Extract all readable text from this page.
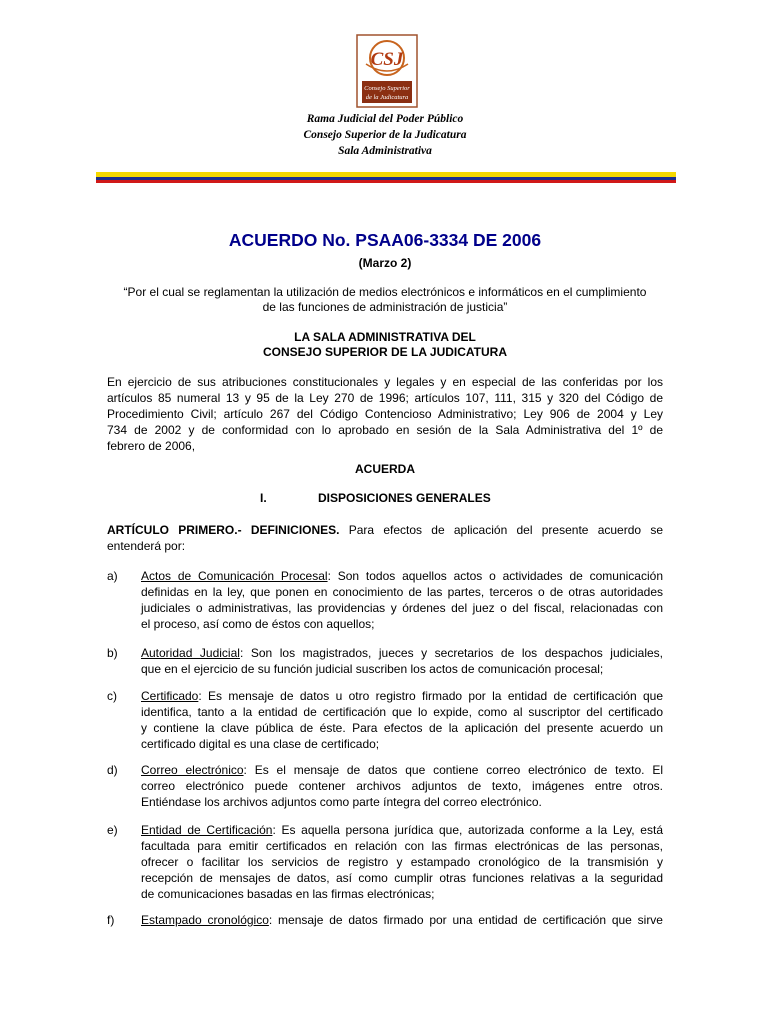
CSJ
Consejo Superior
de la Judicatura
Rama Judicial del Poder Público
Consejo Superior de la Judicatura
Sala Administrativa
ACUERDO No. PSAA06-3334 DE 2006
(Marzo 2)
“Por el cual se reglamentan la utilización de medios electrónicos e informáticos en el cumplimiento
de las funciones de administración de justicia”
LA SALA ADMINISTRATIVA DEL
CONSEJO SUPERIOR DE LA JUDICATURA
En ejercicio de sus atribuciones constitucionales y legales y en especial de las conferidas por los
artículos 85 numeral 13 y 95 de la Ley 270 de 1996; artículos 107, 111, 315 y 320 del Código de
Procedimiento Civil; artículo 267 del Código Contencioso Administrativo; Ley 906 de 2004 y Ley
734 de 2002 y de conformidad con lo aprobado en sesión de la Sala Administrativa del 1º de
febrero de 2006,
ACUERDA
I.	DISPOSICIONES GENERALES
ARTÍCULO PRIMERO.- DEFINICIONES. Para efectos de aplicación del presente acuerdo se
entenderá por:
a) Actos de Comunicación Procesal: Son todos aquellos actos o actividades de comunicación
definidas en la ley, que ponen en conocimiento de las partes, terceros o de otras autoridades
judiciales o administrativas, las providencias y órdenes del juez o del fiscal, relacionadas con
el proceso, así como de éstos con aquellos;
b) Autoridad Judicial: Son los magistrados, jueces y secretarios de los despachos judiciales,
que en el ejercicio de su función judicial suscriben los actos de comunicación procesal;
c) Certificado: Es mensaje de datos u otro registro firmado por la entidad de certificación que
identifica, tanto a la entidad de certificación que lo expide, como al suscriptor del certificado
y contiene la clave pública de éste. Para efectos de la aplicación del presente acuerdo un
certificado digital es una clase de certificado;
d) Correo electrónico: Es el mensaje de datos que contiene correo electrónico de texto. El
correo electrónico puede contener archivos adjuntos de texto, imágenes entre otros.
Entiéndase los archivos adjuntos como parte íntegra del correo electrónico.
e) Entidad de Certificación: Es aquella persona jurídica que, autorizada conforme a la Ley, está
facultada para emitir certificados en relación con las firmas electrónicas de las personas,
ofrecer o facilitar los servicios de registro y estampado cronológico de la transmisión y
recepción de mensajes de datos, así como cumplir otras funciones relativas a la seguridad
de comunicaciones basadas en las firmas electrónicas;
f) Estampado cronológico: mensaje de datos firmado por una entidad de certificación que sirve
